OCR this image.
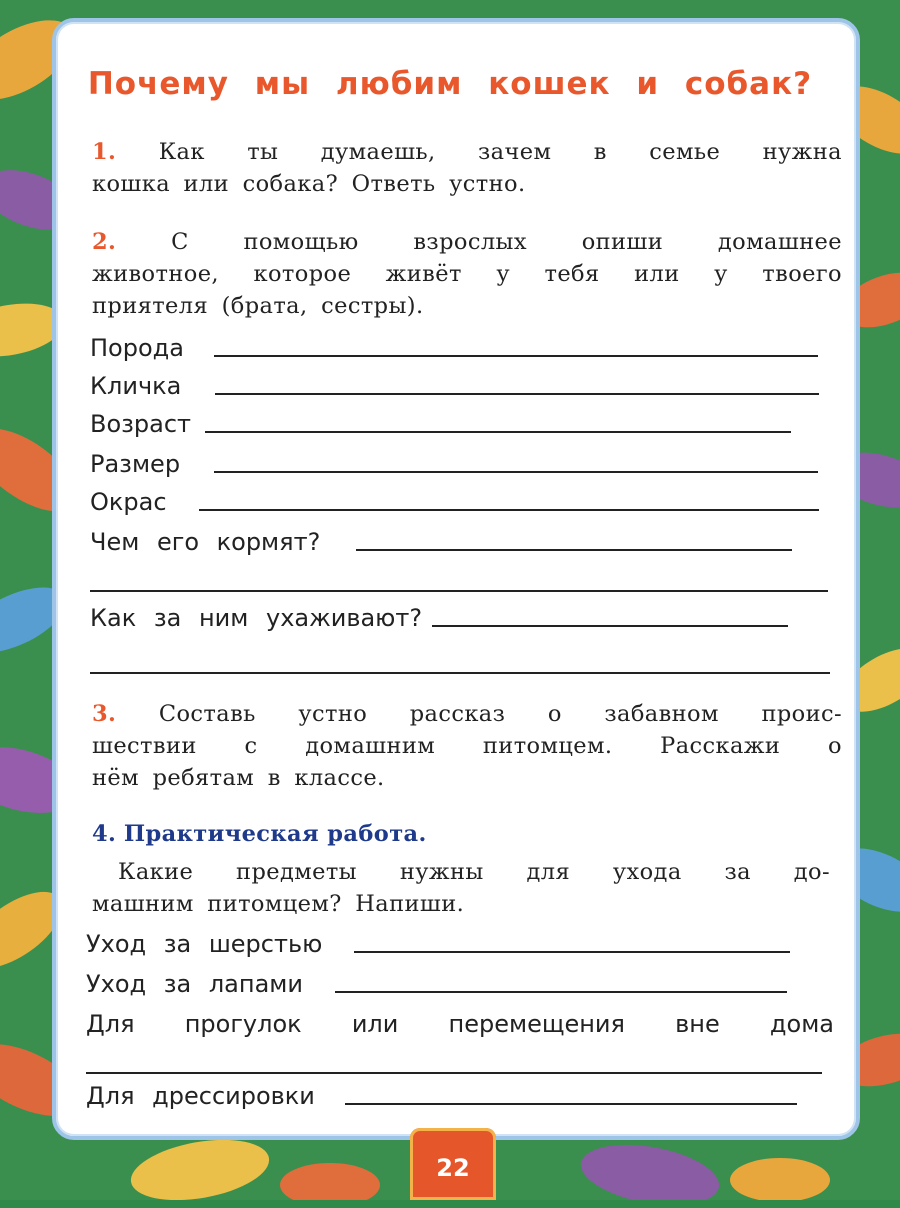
Почему мы любим кошек и собак?
1. Как ты думаешь, зачем в семье нужна
кошка или собака? Ответь устно.
2. С помощью взрослых опиши домашнее
животное, которое живёт у тебя или у твоего
приятеля (брата, сестры).
Порода
Кличка
Возраст
Размер
Окрас
Чем его кормят?
Как за ним ухаживают?
3. Составь устно рассказ о забавном проис-
шествии с домашним питомцем. Расскажи о
нём ребятам в классе.
4. Практическая работа.
Какие предметы нужны для ухода за до-
машним питомцем? Напиши.
Уход за шерстью
Уход за лапами
Для прогулок или перемещения вне дома
Для дрессировки
22
